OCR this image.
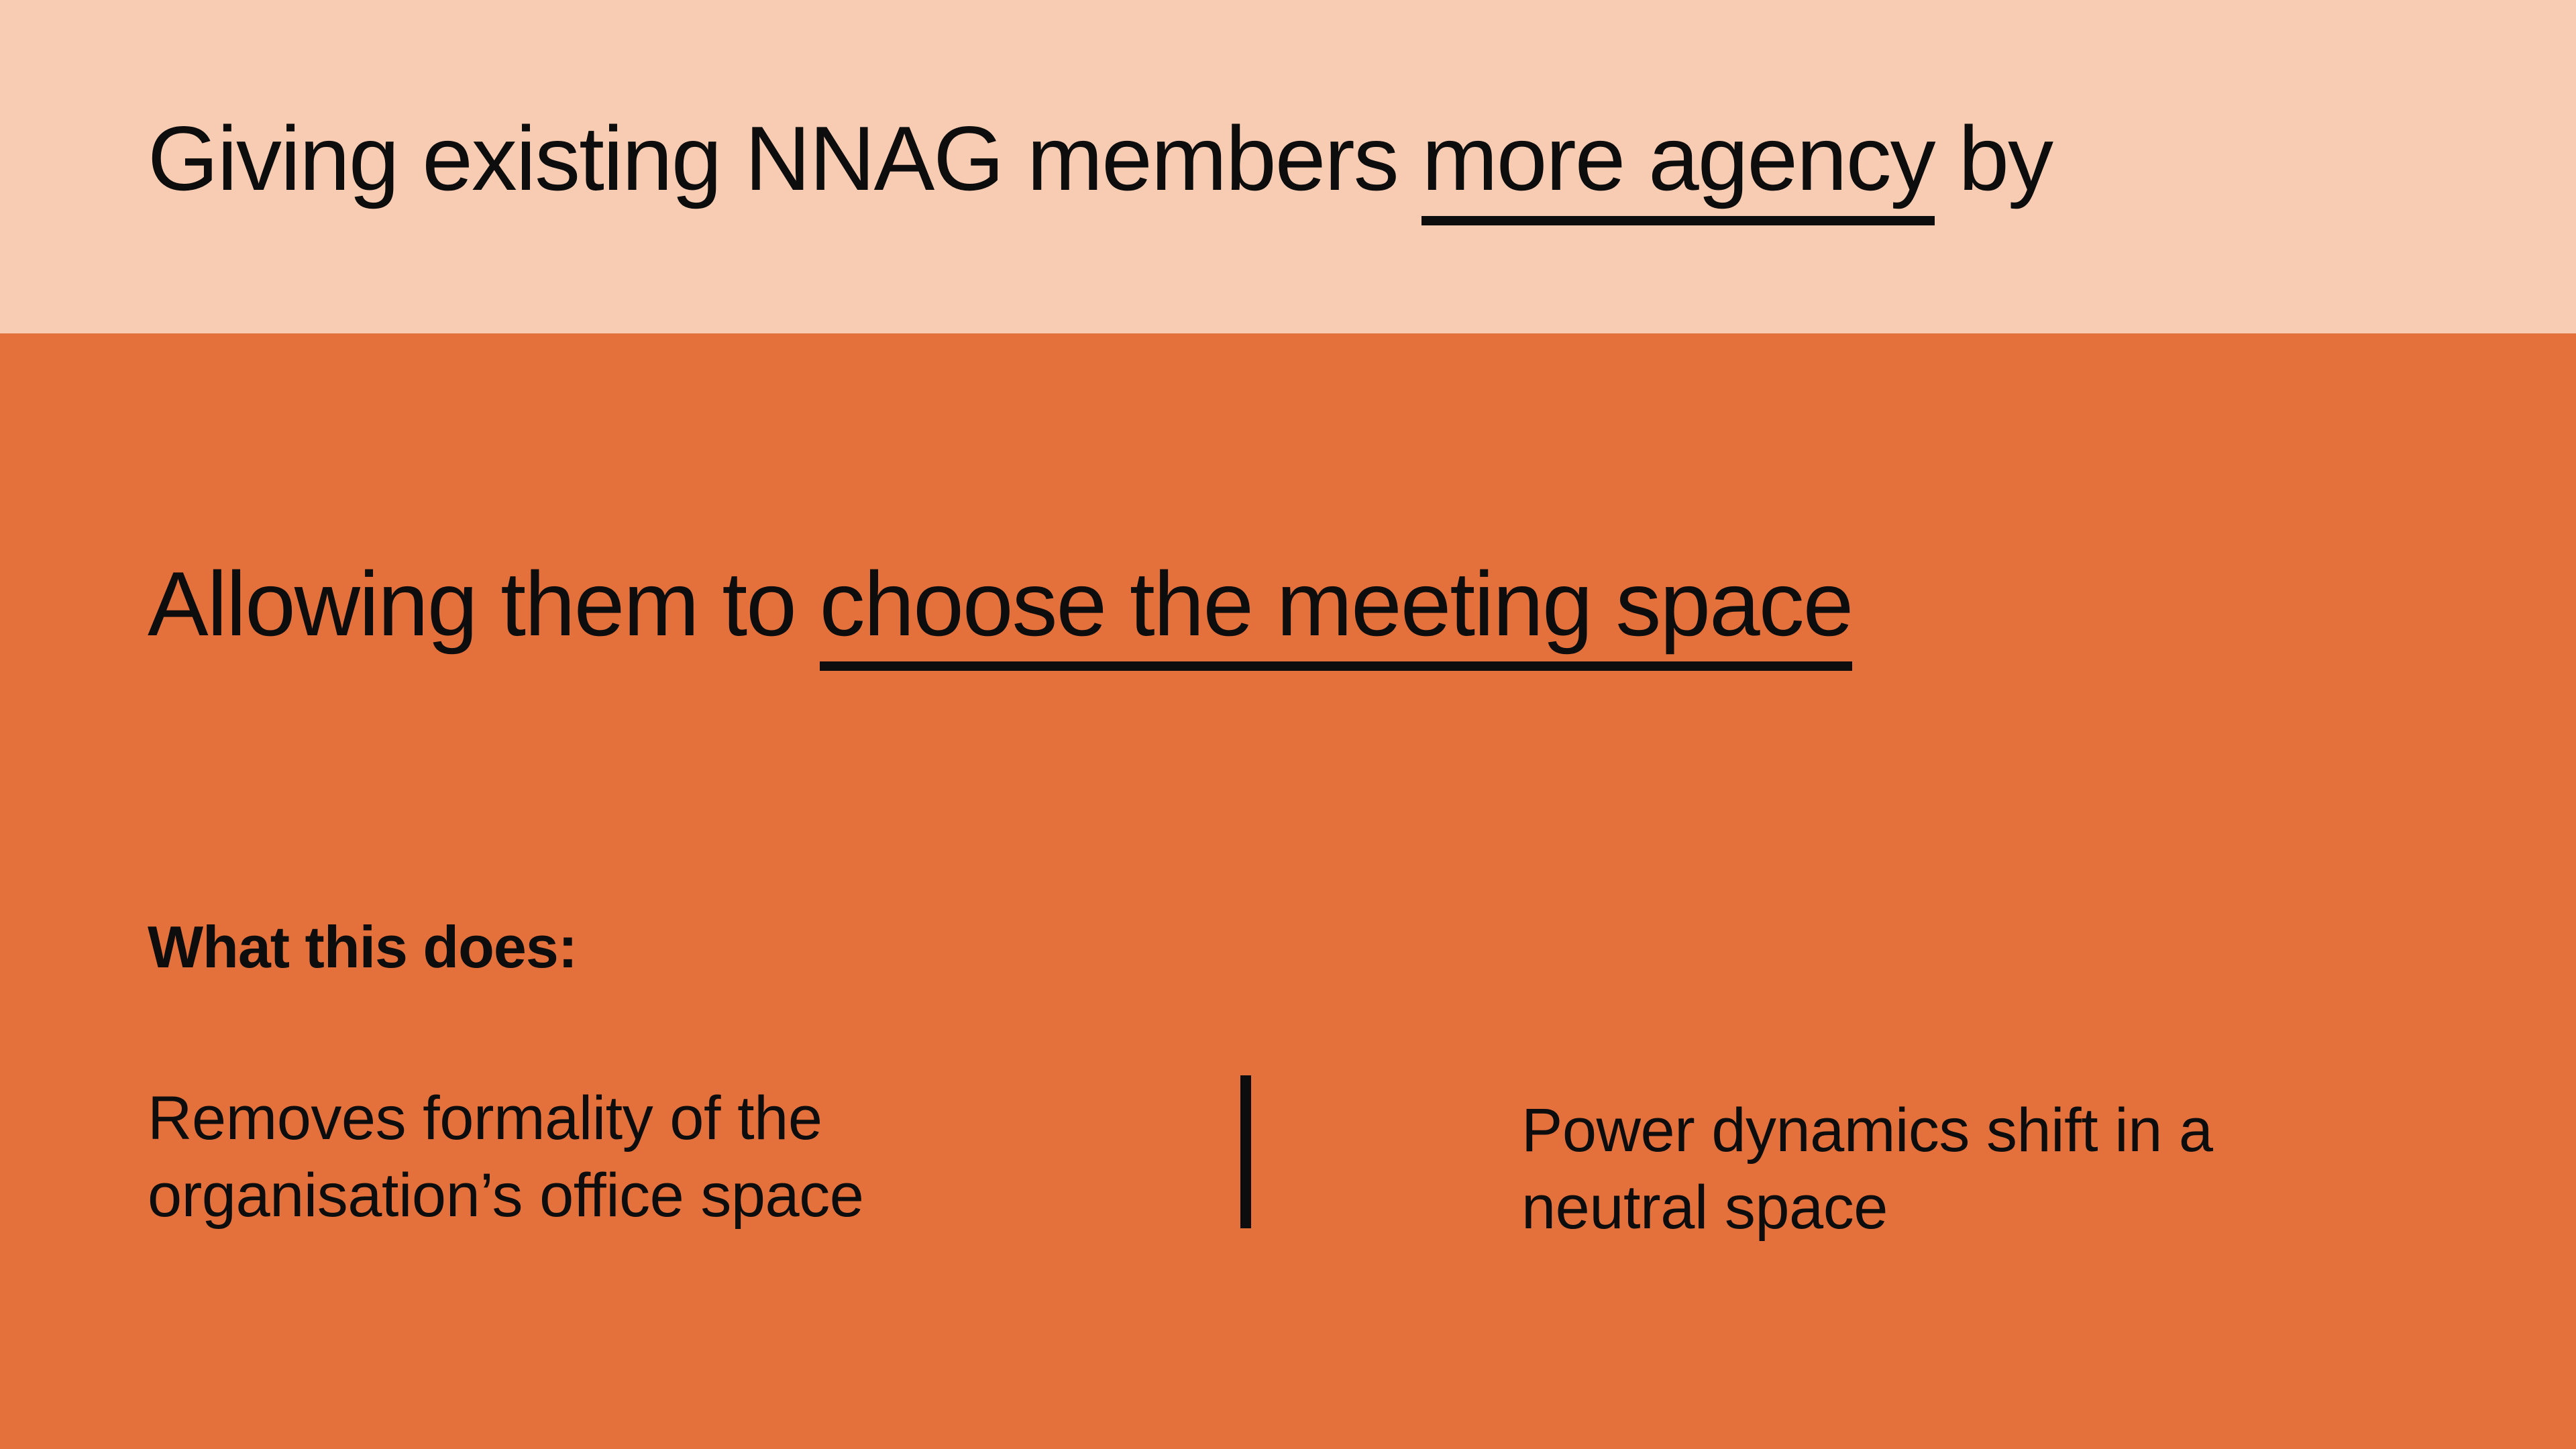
Giving existing NNAG members more agency by
Allowing them to choose the meeting space
What this does:

Removes formality of the organisation’s office space

Power dynamics shift in a neutral space
